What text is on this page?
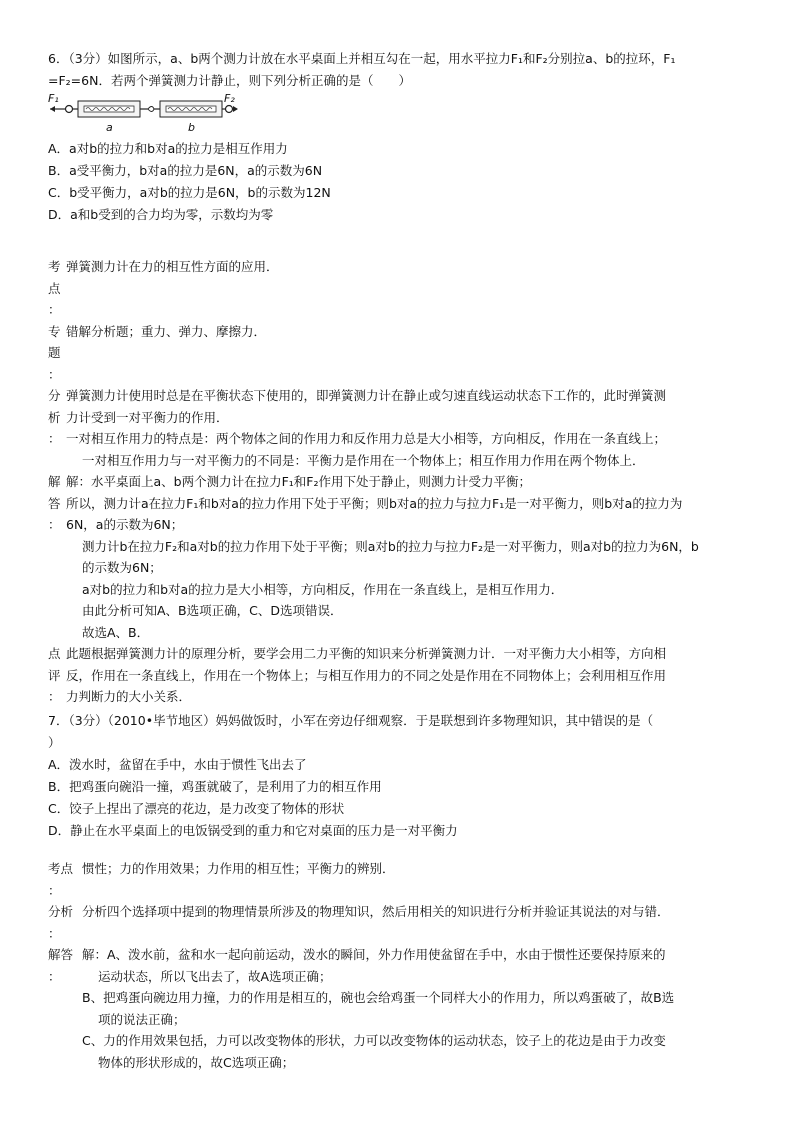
6．（3分）如图所示，a、b两个测力计放在水平桌面上并相互勾在一起，用水平拉力F₁和F₂分别拉a、b的拉环，F₁

=F₂=6N．若两个弹簧测力计静止，则下列分析正确的是（　　）

F₁	F₂
a	b

A．a对b的拉力和b对a的拉力是相互作用力

B．a受平衡力，b对a的拉力是6N，a的示数为6N

C．b受平衡力，a对b的拉力是6N，b的示数为12N

D．a和b受到的合力均为零，示数均为零

考
点
：
弹簧测力计在力的相互性方面的应用．
专
题
：
错解分析题；重力、弹力、摩擦力．
分
析
：
弹簧测力计使用时总是在平衡状态下使用的，即弹簧测力计在静止或匀速直线运动状态下工作的，此时弹簧测
力计受到一对平衡力的作用．
一对相互作用力的特点是：两个物体之间的作用力和反作用力总是大小相等，方向相反，作用在一条直线上；
一对相互作用力与一对平衡力的不同是：平衡力是作用在一个物体上；相互作用力作用在两个物体上．
解
答
：
解：水平桌面上a、b两个测力计在拉力F₁和F₂作用下处于静止，则测力计受力平衡；
所以，测力计a在拉力F₁和b对a的拉力作用下处于平衡；则b对a的拉力与拉力F₁是一对平衡力，则b对a的拉力为
6N，a的示数为6N；
测力计b在拉力F₂和a对b的拉力作用下处于平衡；则a对b的拉力与拉力F₂是一对平衡力，则a对b的拉力为6N，b
的示数为6N；
a对b的拉力和b对a的拉力是大小相等，方向相反，作用在一条直线上，是相互作用力．
由此分析可知A、B选项正确，C、D选项错误．
故选A、B．
点
评
：
此题根据弹簧测力计的原理分析，要学会用二力平衡的知识来分析弹簧测力计．一对平衡力大小相等，方向相
反，作用在一条直线上，作用在一个物体上；与相互作用力的不同之处是作用在不同物体上；会利用相互作用
力判断力的大小关系．

7．（3分）（2010•毕节地区）妈妈做饭时，小军在旁边仔细观察．于是联想到许多物理知识，其中错误的是（

）

A．泼水时，盆留在手中，水由于惯性飞出去了

B．把鸡蛋向碗沿一撞，鸡蛋就破了，是利用了力的相互作用

C．饺子上捏出了漂亮的花边，是力改变了物体的形状

D．静止在水平桌面上的电饭锅受到的重力和它对桌面的压力是一对平衡力

考点
：
惯性；力的作用效果；力作用的相互性；平衡力的辨别．
分析
：
分析四个选择项中提到的物理情景所涉及的物理知识，然后用相关的知识进行分析并验证其说法的对与错．
解答
：
解：A、泼水前，盆和水一起向前运动，泼水的瞬间，外力作用使盆留在手中，水由于惯性还要保持原来的
运动状态，所以飞出去了，故A选项正确；
B、把鸡蛋向碗边用力撞，力的作用是相互的，碗也会给鸡蛋一个同样大小的作用力，所以鸡蛋破了，故B选
项的说法正确；
C、力的作用效果包括，力可以改变物体的形状，力可以改变物体的运动状态，饺子上的花边是由于力改变
物体的形状形成的，故C选项正确；
